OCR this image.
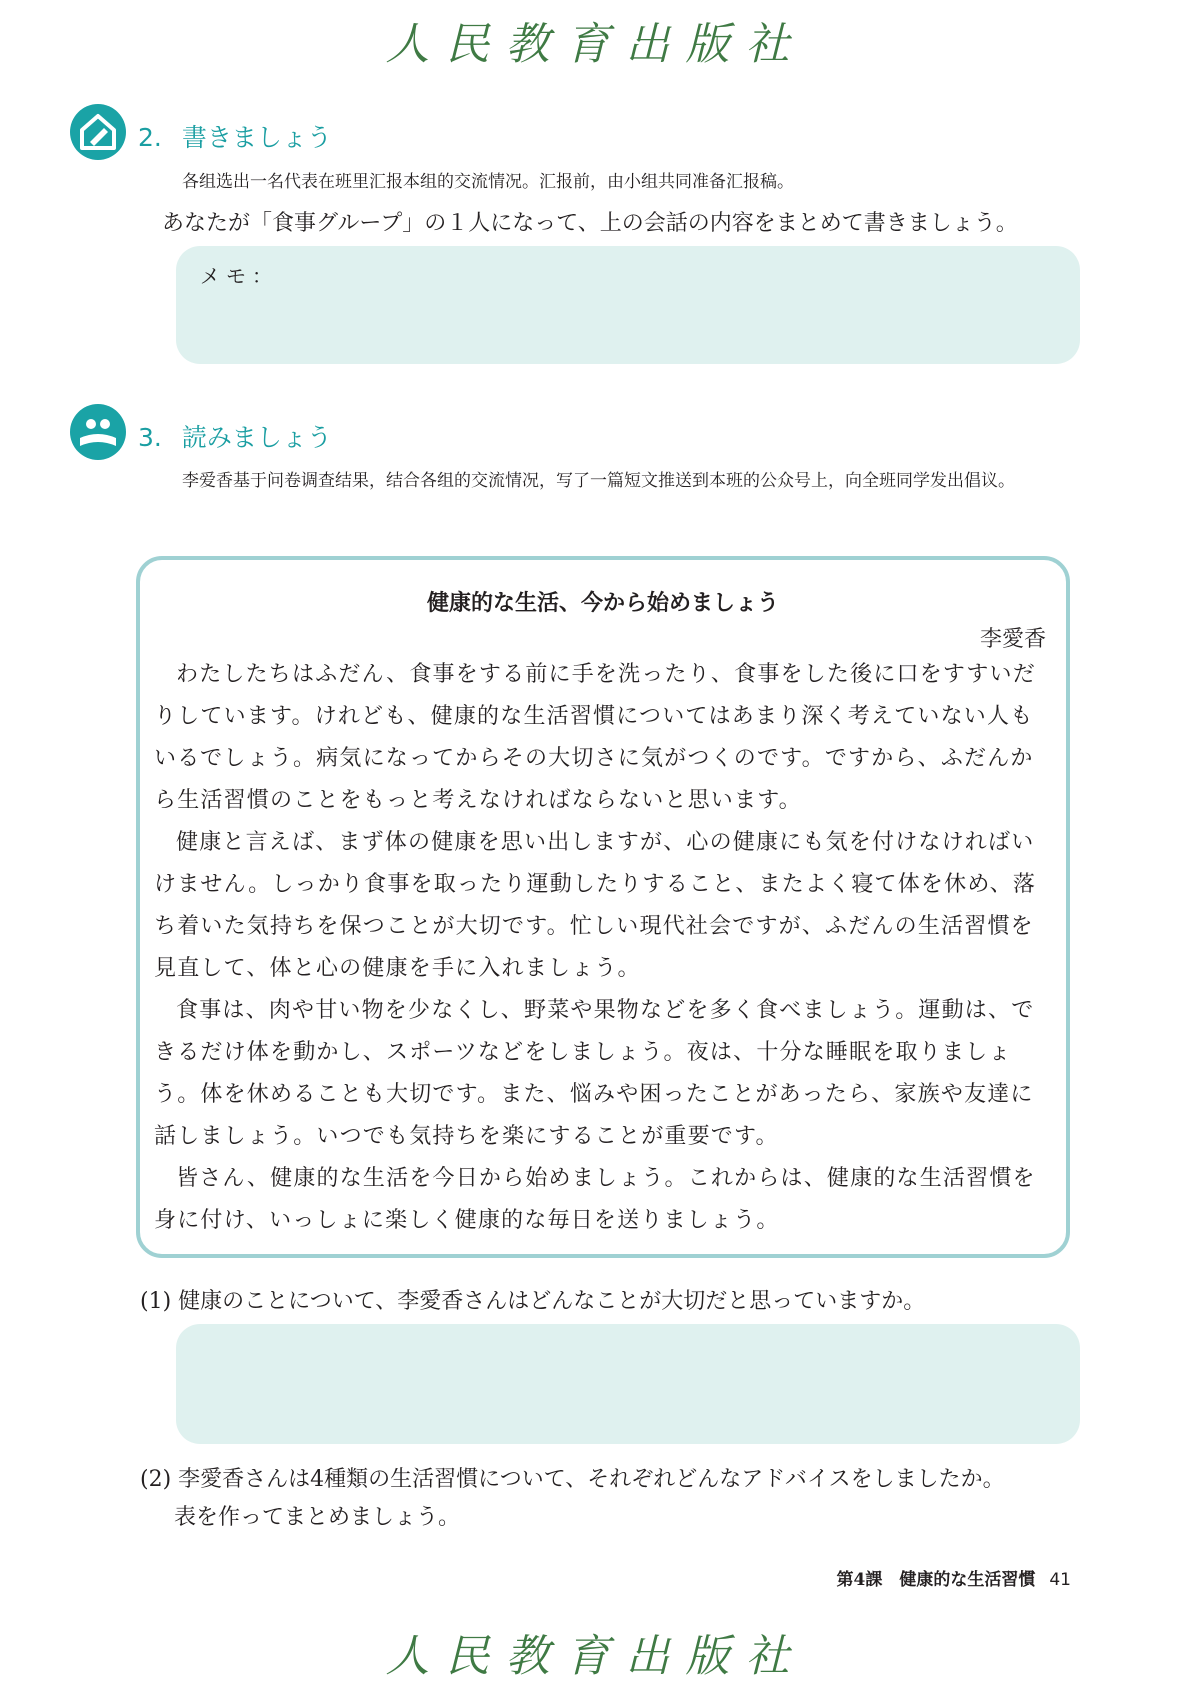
人民教育出版社
2. 書きましょう
各组选出一名代表在班里汇报本组的交流情况。汇报前，由小组共同准备汇报稿。
あなたが「食事グループ」の１人になって、上の会話の内容をまとめて書きましょう。
メモ：
3. 読みましょう
李爱香基于问卷调查结果，结合各组的交流情况，写了一篇短文推送到本班的公众号上，向全班同学发出倡议。
健康的な生活、今から始めましょう
李愛香

わたしたちはふだん、食事をする前に手を洗ったり、食事をした後に口をすすいだりしています。けれども、健康的な生活習慣についてはあまり深く考えていない人もいるでしょう。病気になってからその大切さに気がつくのです。ですから、ふだんから生活習慣のことをもっと考えなければならないと思います。

健康と言えば、まず体の健康を思い出しますが、心の健康にも気を付けなければいけません。しっかり食事を取ったり運動したりすること、またよく寝て体を休め、落ち着いた気持ちを保つことが大切です。忙しい現代社会ですが、ふだんの生活習慣を見直して、体と心の健康を手に入れましょう。

食事は、肉や甘い物を少なくし、野菜や果物などを多く食べましょう。運動は、できるだけ体を動かし、スポーツなどをしましょう。夜は、十分な睡眠を取りましょう。体を休めることも大切です。また、悩みや困ったことがあったら、家族や友達に話しましょう。いつでも気持ちを楽にすることが重要です。

皆さん、健康的な生活を今日から始めましょう。これからは、健康的な生活習慣を身に付け、いっしょに楽しく健康的な毎日を送りましょう。

(1) 健康のことについて、李愛香さんはどんなことが大切だと思っていますか。
(2) 李愛香さんは4種類の生活習慣について、それぞれどんなアドバイスをしましたか。
表を作ってまとめましょう。
第4課　健康的な生活習慣 41
人民教育出版社
